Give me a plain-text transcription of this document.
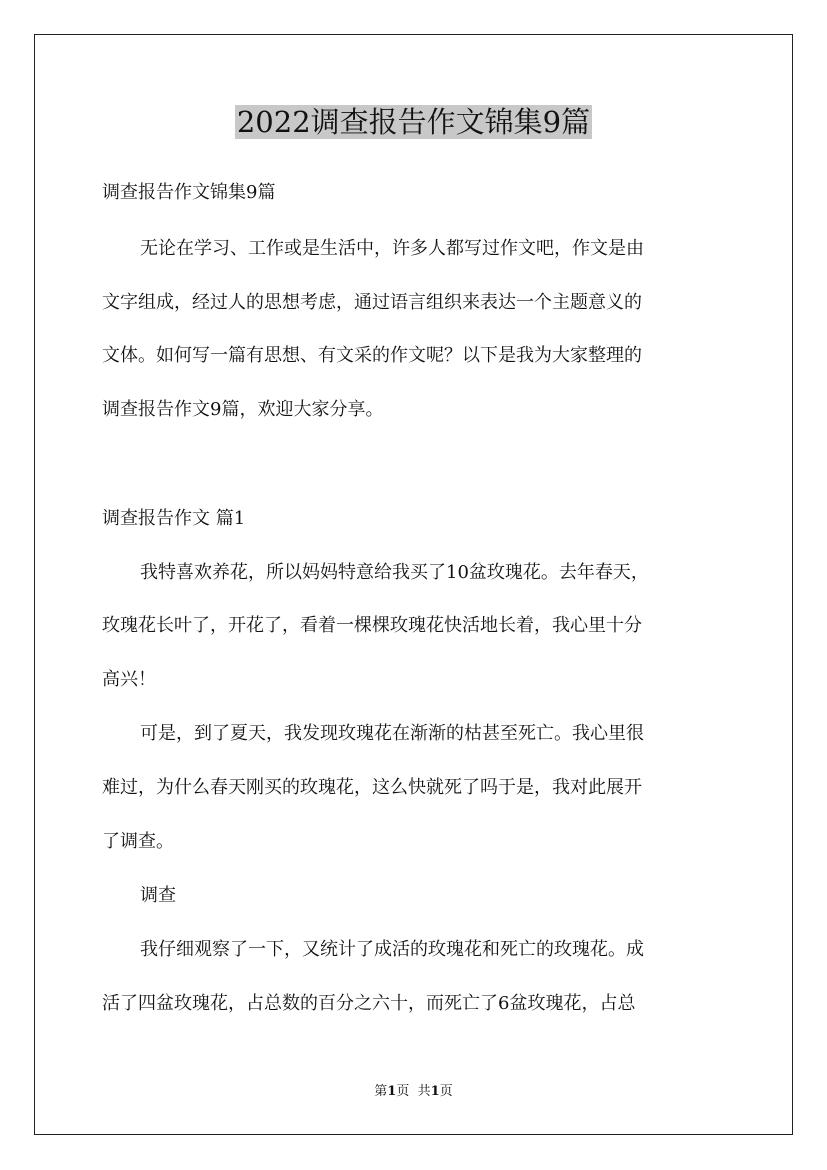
2022调查报告作文锦集9篇
调查报告作文锦集9篇
无论在学习、工作或是生活中，许多人都写过作文吧，作文是由
文字组成，经过人的思想考虑，通过语言组织来表达一个主题意义的
文体。如何写一篇有思想、有文采的作文呢？以下是我为大家整理的
调查报告作文9篇，欢迎大家分享。
调查报告作文 篇1
我特喜欢养花，所以妈妈特意给我买了10盆玫瑰花。去年春天，
玫瑰花长叶了，开花了，看着一棵棵玫瑰花快活地长着，我心里十分
高兴！
可是，到了夏天，我发现玫瑰花在渐渐的枯甚至死亡。我心里很
难过，为什么春天刚买的玫瑰花，这么快就死了吗于是，我对此展开
了调查。
调查
我仔细观察了一下，又统计了成活的玫瑰花和死亡的玫瑰花。成
活了四盆玫瑰花，占总数的百分之六十，而死亡了6盆玫瑰花，占总
第1页 共1页
